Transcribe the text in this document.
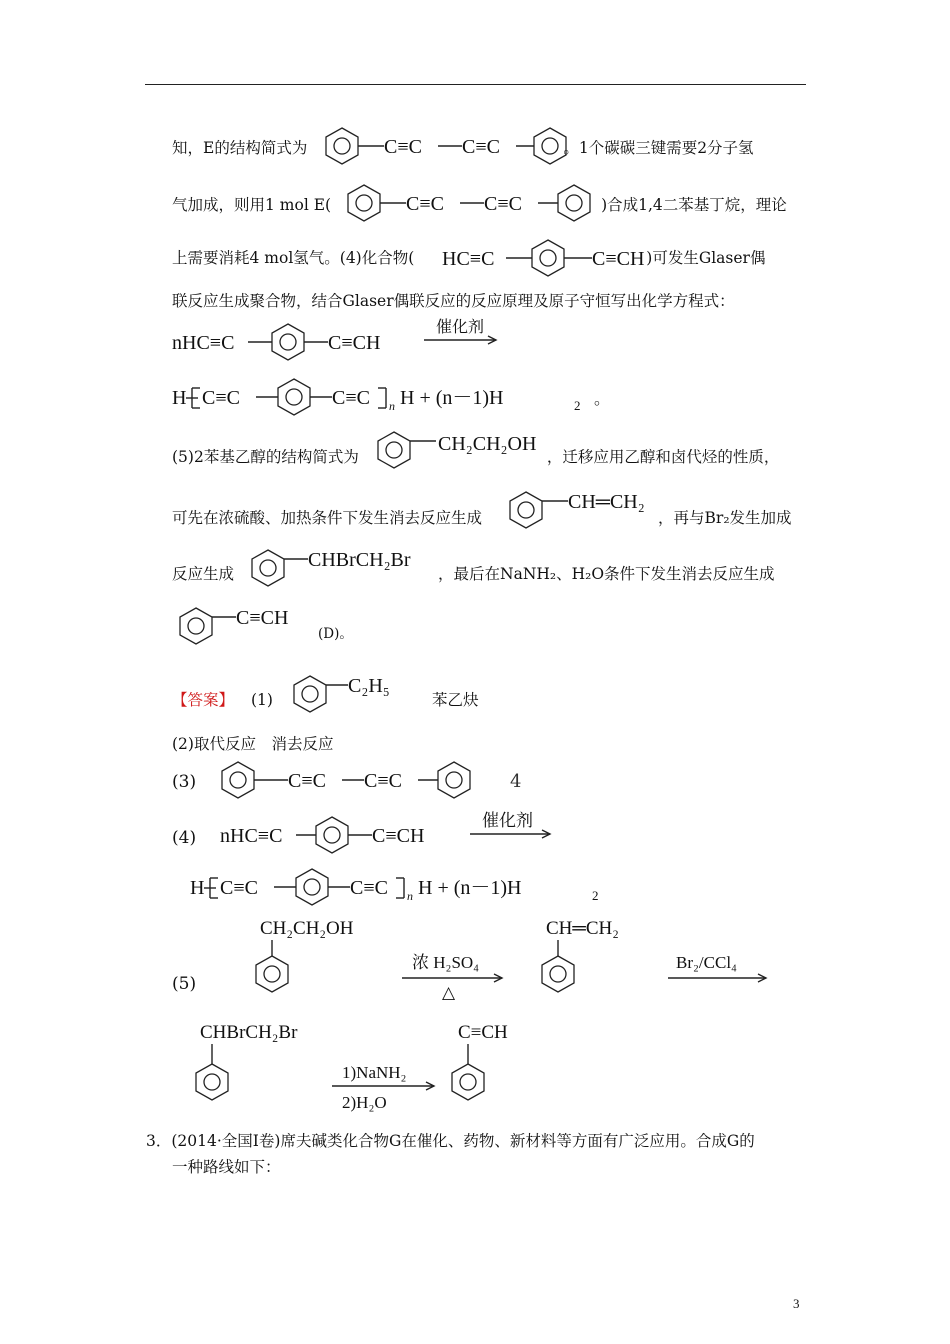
知，E的结构简式为	。1个碳碳三键需要2分子氢
C≡C C≡C
气加成，则用1 mol E(	)合成1,4二苯基丁烷，理论
C≡C C≡C
上需要消耗4 mol氢气。(4)化合物(	)可发生Glaser偶
HC≡C	C≡CH
联反应生成聚合物，结合Glaser偶联反应的反应原理及原子守恒写出化学方程式：
nHC≡C	C≡CH
催化剂
H C≡C	C≡C n H + (n－1)H	2 。
(5)2苯基乙醇的结构简式为	，迁移应用乙醇和卤代烃的性质，
CH₂CH₂OH
可先在浓硫酸、加热条件下发生消去反应生成	，再与Br₂发生加成
CH═CH₂
反应生成	，最后在NaNH₂、H₂O条件下发生消去反应生成
CHBrCH₂Br
C≡CH
(D)。
【答案】 (1)
C₂H₅
苯乙炔
(2)取代反应　消去反应
(3)	C≡C C≡C	4
(4) nHC≡C	C≡CH
催化剂
H C≡C	C≡C n H + (n－1)H	2
(5)
CH₂CH₂OH
浓 H₂SO₄
△
CH═CH₂
Br₂/CCl₄
CHBrCH₂Br
1)NaNH₂
2)H₂O
C≡CH
3．(2014·全国Ⅰ卷)席夫碱类化合物G在催化、药物、新材料等方面有广泛应用。合成G的
一种路线如下：
3
